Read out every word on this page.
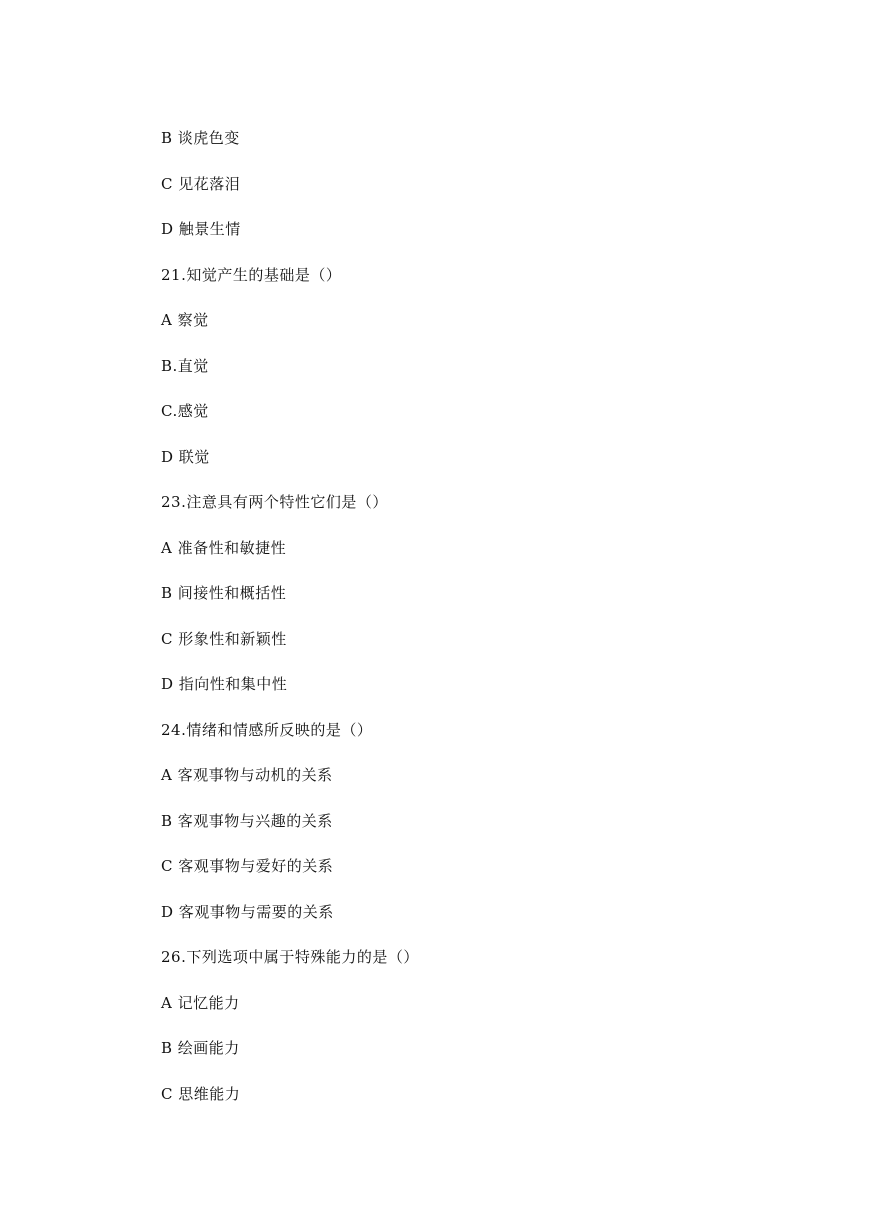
B 谈虎色变
C 见花落泪
D 触景生情
21.知觉产生的基础是（）
A 察觉
B.直觉
C.感觉
D 联觉
23.注意具有两个特性它们是（）
A 准备性和敏捷性
B 间接性和概括性
C 形象性和新颖性
D 指向性和集中性
24.情绪和情感所反映的是（）
A 客观事物与动机的关系
B 客观事物与兴趣的关系
C 客观事物与爱好的关系
D 客观事物与需要的关系
26.下列选项中属于特殊能力的是（）
A 记忆能力
B 绘画能力
C 思维能力
